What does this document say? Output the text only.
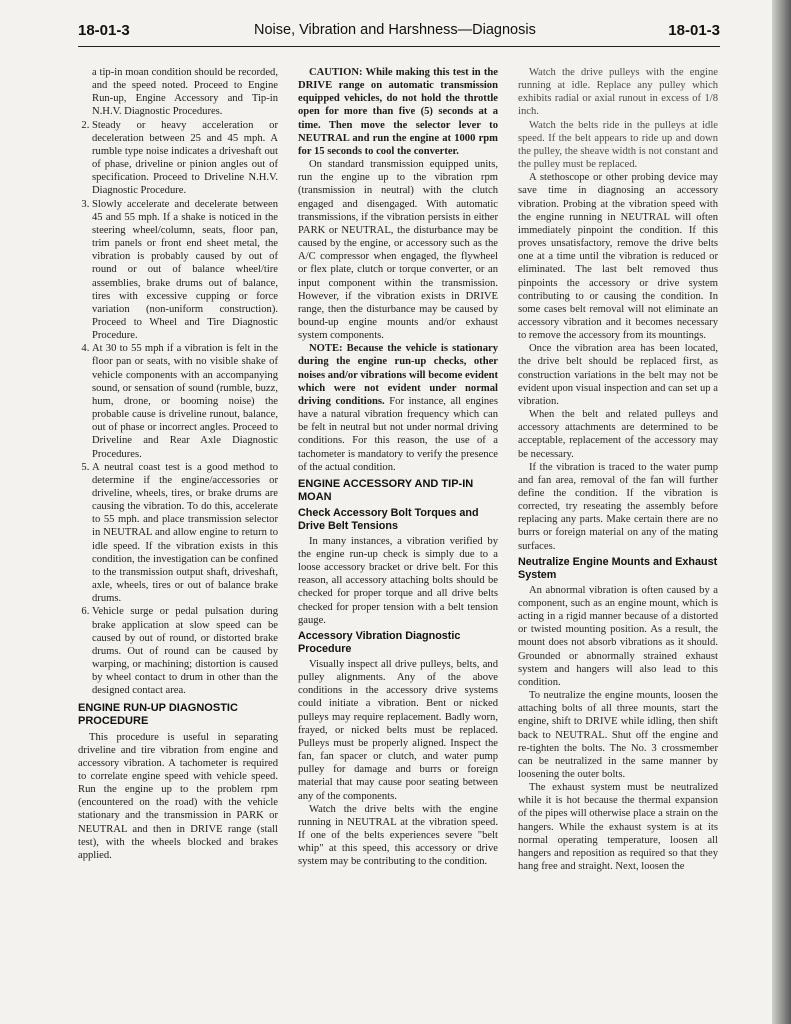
18-01-3	Noise, Vibration and Harshness—Diagnosis	18-01-3

a tip-in moan condition should be recorded, and the speed noted. Proceed to Engine Run-up, Engine Accessory and Tip-in N.H.V. Diagnostic Procedures.

2. Steady or heavy acceleration or deceleration between 25 and 45 mph. A rumble type noise indicates a driveshaft out of phase, driveline or pinion angles out of specification. Proceed to Driveline N.H.V. Diagnostic Procedure.
3. Slowly accelerate and decelerate between 45 and 55 mph. If a shake is noticed in the steering wheel/column, seats, floor pan, trim panels or front end sheet metal, the vibration is probably caused by out of round or out of balance wheel/tire assemblies, brake drums out of balance, tires with excessive cupping or force variation (non-uniform construction). Proceed to Wheel and Tire Diagnostic Procedure.
4. At 30 to 55 mph if a vibration is felt in the floor pan or seats, with no visible shake of vehicle components with an accompanying sound, or sensation of sound (rumble, buzz, hum, drone, or booming noise) the probable cause is driveline runout, balance, out of phase or incorrect angles. Proceed to Driveline and Rear Axle Diagnostic Procedures.
5. A neutral coast test is a good method to determine if the engine/accessories or driveline, wheels, tires, or brake drums are causing the vibration. To do this, accelerate to 55 mph. and place transmission selector in NEUTRAL and allow engine to return to idle speed. If the vibration exists in this condition, the investigation can be confined to the transmission output shaft, driveshaft, axle, wheels, tires or out of balance brake drums.
6. Vehicle surge or pedal pulsation during brake application at slow speed can be caused by out of round, or distorted brake drums. Out of round can be caused by warping, or machining; distortion is caused by wheel contact to drum in other than the designed contact area.
ENGINE RUN-UP DIAGNOSTIC PROCEDURE

This procedure is useful in separating driveline and tire vibration from engine and accessory vibration. A tachometer is required to correlate engine speed with vehicle speed. Run the engine up to the problem rpm (encountered on the road) with the vehicle stationary and the transmission in PARK or NEUTRAL and then in DRIVE range (stall test), with the wheels blocked and brakes applied.

CAUTION: While making this test in the DRIVE range on automatic transmission equipped vehicles, do not hold the throttle open for more than five (5) seconds at a time. Then move the selector lever to NEUTRAL and run the engine at 1000 rpm for 15 seconds to cool the converter.

On standard transmission equipped units, run the engine up to the vibration rpm (transmission in neutral) with the clutch engaged and disengaged. With automatic transmissions, if the vibration persists in either PARK or NEUTRAL, the disturbance may be caused by the engine, or accessory such as the A/C compressor when engaged, the flywheel or flex plate, clutch or torque converter, or an input component within the transmission. However, if the vibration exists in DRIVE range, then the disturbance may be caused by bound-up engine mounts and/or exhaust system components.

NOTE: Because the vehicle is stationary during the engine run-up checks, other noises and/or vibrations will become evident which were not evident under normal driving conditions. For instance, all engines have a natural vibration frequency which can be felt in neutral but not under normal driving conditions. For this reason, the use of a tachometer is mandatory to verify the presence of the actual condition.

ENGINE ACCESSORY AND TIP-IN MOAN
Check Accessory Bolt Torques and Drive Belt Tensions

In many instances, a vibration verified by the engine run-up check is simply due to a loose accessory bracket or drive belt. For this reason, all accessory attaching bolts should be checked for proper torque and all drive belts checked for proper tension with a belt tension gauge.

Accessory Vibration Diagnostic Procedure

Visually inspect all drive pulleys, belts, and pulley alignments. Any of the above conditions in the accessory drive systems could initiate a vibration. Bent or nicked pulleys may require replacement. Badly worn, frayed, or nicked belts must be replaced. Pulleys must be properly aligned. Inspect the fan, fan spacer or clutch, and water pump pulley for damage and burrs or foreign material that may cause poor seating between any of the components.

Watch the drive belts with the engine running in NEUTRAL at the vibration speed. If one of the belts experiences severe "belt whip" at this speed, this accessory or drive system may be contributing to the condition.

Watch the drive pulleys with the engine running at idle. Replace any pulley which exhibits radial or axial runout in excess of 1/8 inch.

Watch the belts ride in the pulleys at idle speed. If the belt appears to ride up and down the pulley, the sheave width is not constant and the pulley must be replaced.

A stethoscope or other probing device may save time in diagnosing an accessory vibration. Probing at the vibration speed with the engine running in NEUTRAL will often immediately pinpoint the condition. If this proves unsatisfactory, remove the drive belts one at a time until the vibration is reduced or eliminated. The last belt removed thus pinpoints the accessory or drive system contributing to or causing the condition. In some cases belt removal will not eliminate an accessory vibration and it becomes necessary to remove the accessory from its mountings.

Once the vibration area has been located, the drive belt should be replaced first, as construction variations in the belt may not be evident upon visual inspection and can set up a vibration.

When the belt and related pulleys and accessory attachments are determined to be acceptable, replacement of the accessory may be necessary.

If the vibration is traced to the water pump and fan area, removal of the fan will further define the condition. If the vibration is corrected, try reseating the assembly before replacing any parts. Make certain there are no burrs or foreign material on any of the mating surfaces.

Neutralize Engine Mounts and Exhaust System

An abnormal vibration is often caused by a component, such as an engine mount, which is acting in a rigid manner because of a distorted or twisted mounting position. As a result, the mount does not absorb vibrations as it should. Grounded or abnormally strained exhaust system and hangers will also lead to this condition.

To neutralize the engine mounts, loosen the attaching bolts of all three mounts, start the engine, shift to DRIVE while idling, then shift back to NEUTRAL. Shut off the engine and re-tighten the bolts. The No. 3 crossmember can be neutralized in the same manner by loosening the outer bolts.

The exhaust system must be neutralized while it is hot because the thermal expansion of the pipes will otherwise place a strain on the hangers. While the exhaust system is at its normal operating temperature, loosen all hangers and reposition as required so that they hang free and straight. Next, loosen the
